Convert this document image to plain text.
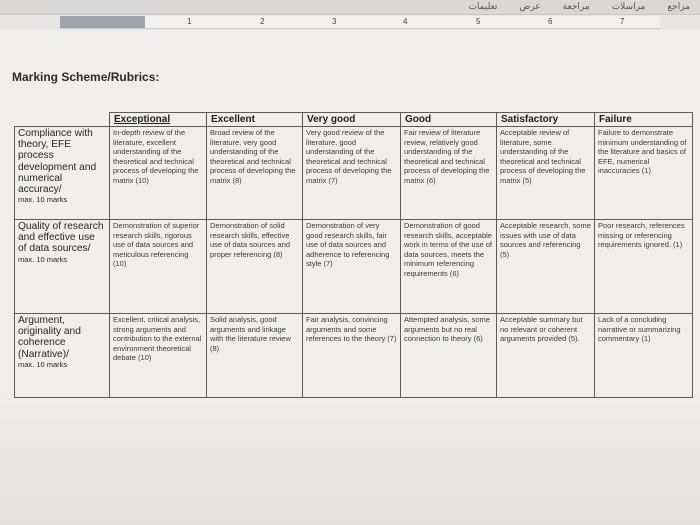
مراجع
مراسلات
مراجعة
عرض
تعليمات
1	2	3	4	5	6	7
Marking Scheme/Rubrics:
	Exceptional	Excellent	Very good	Good	Satisfactory	Failure
Compliance with theory, EFE process development and numerical accuracy/
max. 10 marks	In-depth review of the literature, excellent understanding of the theoretical and technical process of developing the matrix (10)	Broad review of the literature, very good understanding of the theoretical and technical process of developing the matrix (8)	Very good review of the literature, good understanding of the theoretical and technical process of developing the matrix (7)	Fair review of literature review, relatively good understanding of the theoretical and technical process of developing the matrix (6)	Acceptable review of literature, some understanding of the theoretical and technical process of developing the matrix (5)	Failure to demonstrate minimum understanding of the literature and basics of EFE, numerical inaccuracies (1)
Quality of research and effective use of data sources/
max. 10 marks	Demonstration of superior research skills, rigorous use of data sources and meticulous referencing (10)	Demonstration of solid research skills, effective use of data sources and proper referencing (8)	Demonstration of very good research skills, fair use of data sources and adherence to referencing style (7)	Demonstration of good research skills, acceptable work in terms of the use of data sources, meets the minimum referencing requirements (6)	Acceptable research, some issues with use of data sources and referencing (5)	Poor research, references missing or referencing requirements ignored. (1)
Argument, originality and coherence (Narrative)/
max. 10 marks	Excellent, critical analysis, strong arguments and contribution to the external environment theoretical debate (10)	Solid analysis, good arguments and linkage with the literature review (8)	Fair analysis, convincing arguments and some references to the theory (7)	Attempted analysis, some arguments but no real connection to theory (6)	Acceptable summary but no relevant or coherent arguments provided (5).	Lack of a concluding narrative or summarizing commentary (1)
